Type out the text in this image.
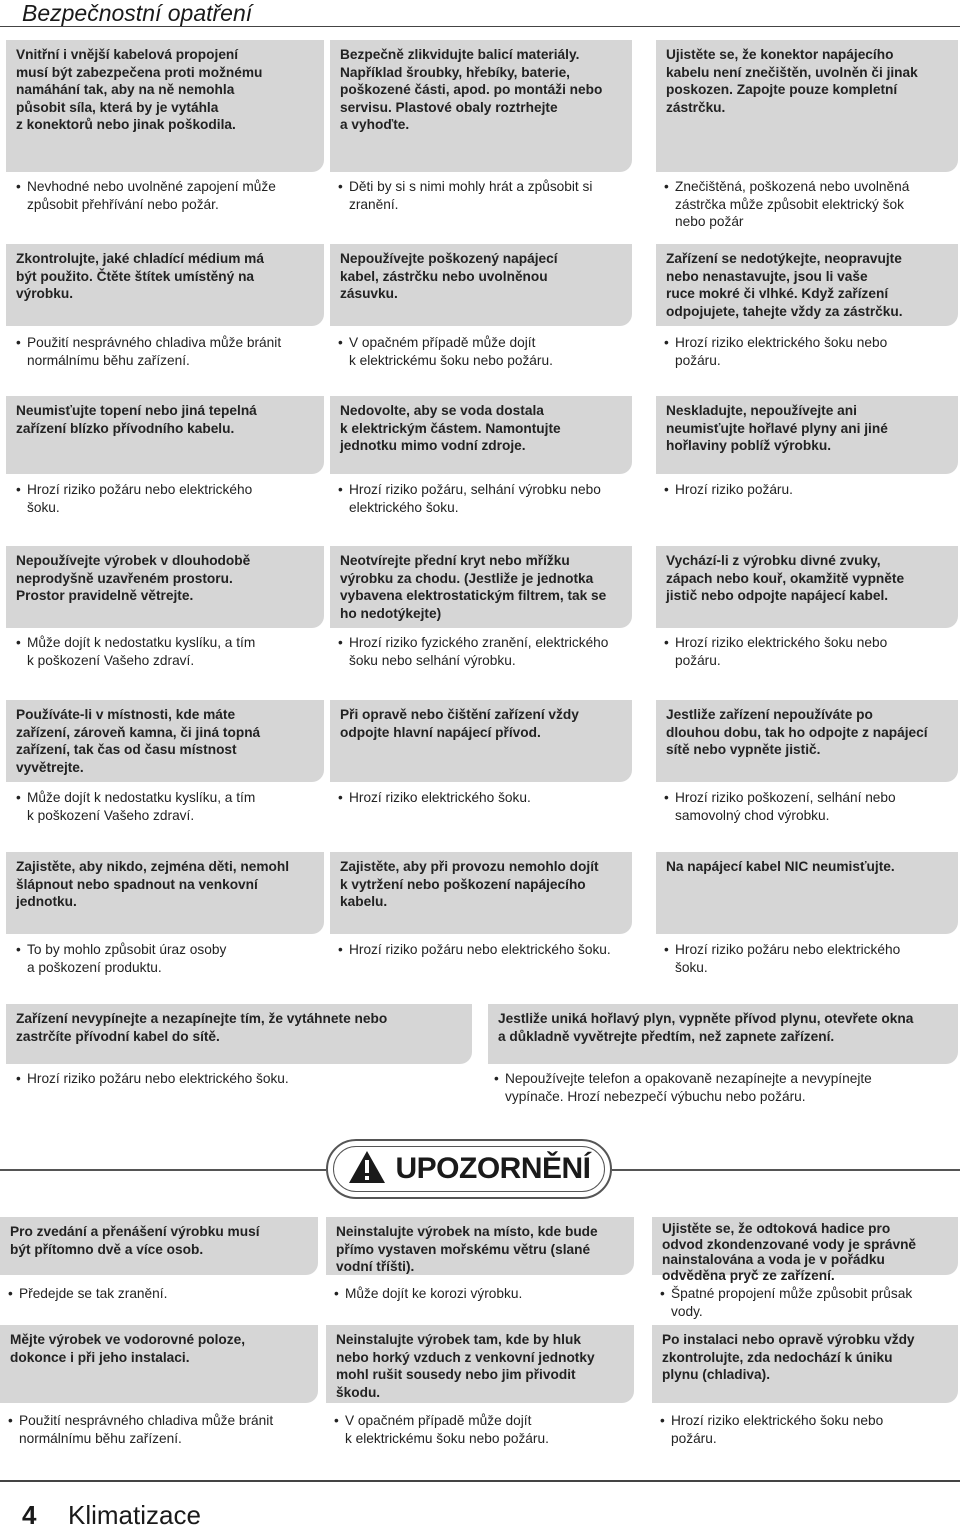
Bezpečnostní opatření
Vnitřní i vnější kabelová propojení
musí být zabezpečena proti možnému
namáhání tak, aby na ně nemohla
působit síla, která by je vytáhla
z konektorů nebo jinak poškodila.
Bezpečně zlikvidujte balicí materiály.
Například šroubky, hřebíky, baterie,
poškozené části, apod. po montáži nebo
servisu. Plastové obaly roztrhejte
a vyhoďte.
Ujistěte se, že konektor napájecího
kabelu není znečištěn, uvolněn či jinak
poskozen. Zapojte pouze kompletní
zástrčku.
• Nevhodné nebo uvolněné zapojení může
způsobit přehřívání nebo požár.
• Děti by si s nimi mohly hrát a způsobit si
zranění.
• Znečištěná, poškozená nebo uvolněná
zástrčka může způsobit elektrický šok
nebo požár
Zkontrolujte, jaké chladící médium má
být použito. Čtěte štítek umístěný na
výrobku.
Nepoužívejte poškozený napájecí
kabel, zástrčku nebo uvolněnou
zásuvku.
Zařízení se nedotýkejte, neopravujte
nebo nenastavujte, jsou li vaše
ruce mokré či vlhké. Když zařízení
odpojujete, tahejte vždy za zástrčku.
• Použití nesprávného chladiva může bránit
normálnímu běhu zařízení.
• V opačném případě může dojít
k elektrickému šoku nebo požáru.
• Hrozí riziko elektrického šoku nebo
požáru.
Neumisťujte topení nebo jiná tepelná
zařízení blízko přívodního kabelu.
Nedovolte, aby se voda dostala
k elektrickým částem. Namontujte
jednotku mimo vodní zdroje.
Neskladujte, nepoužívejte ani
neumisťujte hořlavé plyny ani jiné
hořlaviny poblíž výrobku.
• Hrozí riziko požáru nebo elektrického
šoku.
• Hrozí riziko požáru, selhání výrobku nebo
elektrického šoku.
• Hrozí riziko požáru.
Nepoužívejte výrobek v dlouhodobě
neprodyšně uzavřeném prostoru.
Prostor pravidelně větrejte.
Neotvírejte přední kryt nebo mřížku
výrobku za chodu. (Jestliže je jednotka
vybavena elektrostatickým filtrem, tak se
ho nedotýkejte)
Vychází-li z výrobku divné zvuky,
zápach nebo kouř, okamžitě vypněte
jistič nebo odpojte napájecí kabel.
• Může dojít k nedostatku kyslíku, a tím
k poškození Vašeho zdraví.
• Hrozí riziko fyzického zranění, elektrického
šoku nebo selhání výrobku.
• Hrozí riziko elektrického šoku nebo
požáru.
Používáte-li v místnosti, kde máte
zařízení, zároveň kamna, či jiná topná
zařízení, tak čas od času místnost
vyvětrejte.
Při opravě nebo čištění zařízení vždy
odpojte hlavní napájecí přívod.
Jestliže zařízení nepoužíváte po
dlouhou dobu, tak ho odpojte z napájecí
sítě nebo vypněte jistič.
• Může dojít k nedostatku kyslíku, a tím
k poškození Vašeho zdraví.
• Hrozí riziko elektrického šoku.	• Hrozí riziko poškození, selhání nebo
samovolný chod výrobku.
Zajistěte, aby nikdo, zejména děti, nemohl
šlápnout nebo spadnout na venkovní
jednotku.
Zajistěte, aby při provozu nemohlo dojít
k vytržení nebo poškození napájecího
kabelu.
Na napájecí kabel NIC neumisťujte.
• To by mohlo způsobit úraz osoby
a poškození produktu.
• Hrozí riziko požáru nebo elektrického šoku.	• Hrozí riziko požáru nebo elektrického
šoku.
Zařízení nevypínejte a nezapínejte tím, že vytáhnete nebo
zastrčíte přívodní kabel do sítě.
Jestliže uniká hořlavý plyn, vypněte přívod plynu, otevřete okna
a důkladně vyvětrejte předtím, než zapnete zařízení.
• Hrozí riziko požáru nebo elektrického šoku.	• Nepoužívejte telefon a opakovaně nezapínejte a nevypínejte
vypínače. Hrozí nebezpečí výbuchu nebo požáru.
UPOZORNĚNÍ
Pro zvedání a přenášení výrobku musí
být přítomno dvě a více osob.
Neinstalujte výrobek na místo, kde bude
přímo vystaven mořskému větru (slané
vodní tříšti).
Ujistěte se, že odtoková hadice pro
odvod zkondenzované vody je správně
nainstalována a voda je v pořádku
odvěděna pryč ze zařízení.
• Předejde se tak zranění.	• Může dojít ke korozi výrobku.	• Špatné propojení může způsobit průsak
vody.
Mějte výrobek ve vodorovné poloze,
dokonce i při jeho instalaci.
Neinstalujte výrobek tam, kde by hluk
nebo horký vzduch z venkovní jednotky
mohl rušit sousedy nebo jim přivodit
škodu.
Po instalaci nebo opravě výrobku vždy
zkontrolujte, zda nedochází k úniku
plynu (chladiva).
• Použití nesprávného chladiva může bránit
normálnímu běhu zařízení.
• V opačném případě může dojít
k elektrickému šoku nebo požáru.
• Hrozí riziko elektrického šoku nebo
požáru.
4 Klimatizace
